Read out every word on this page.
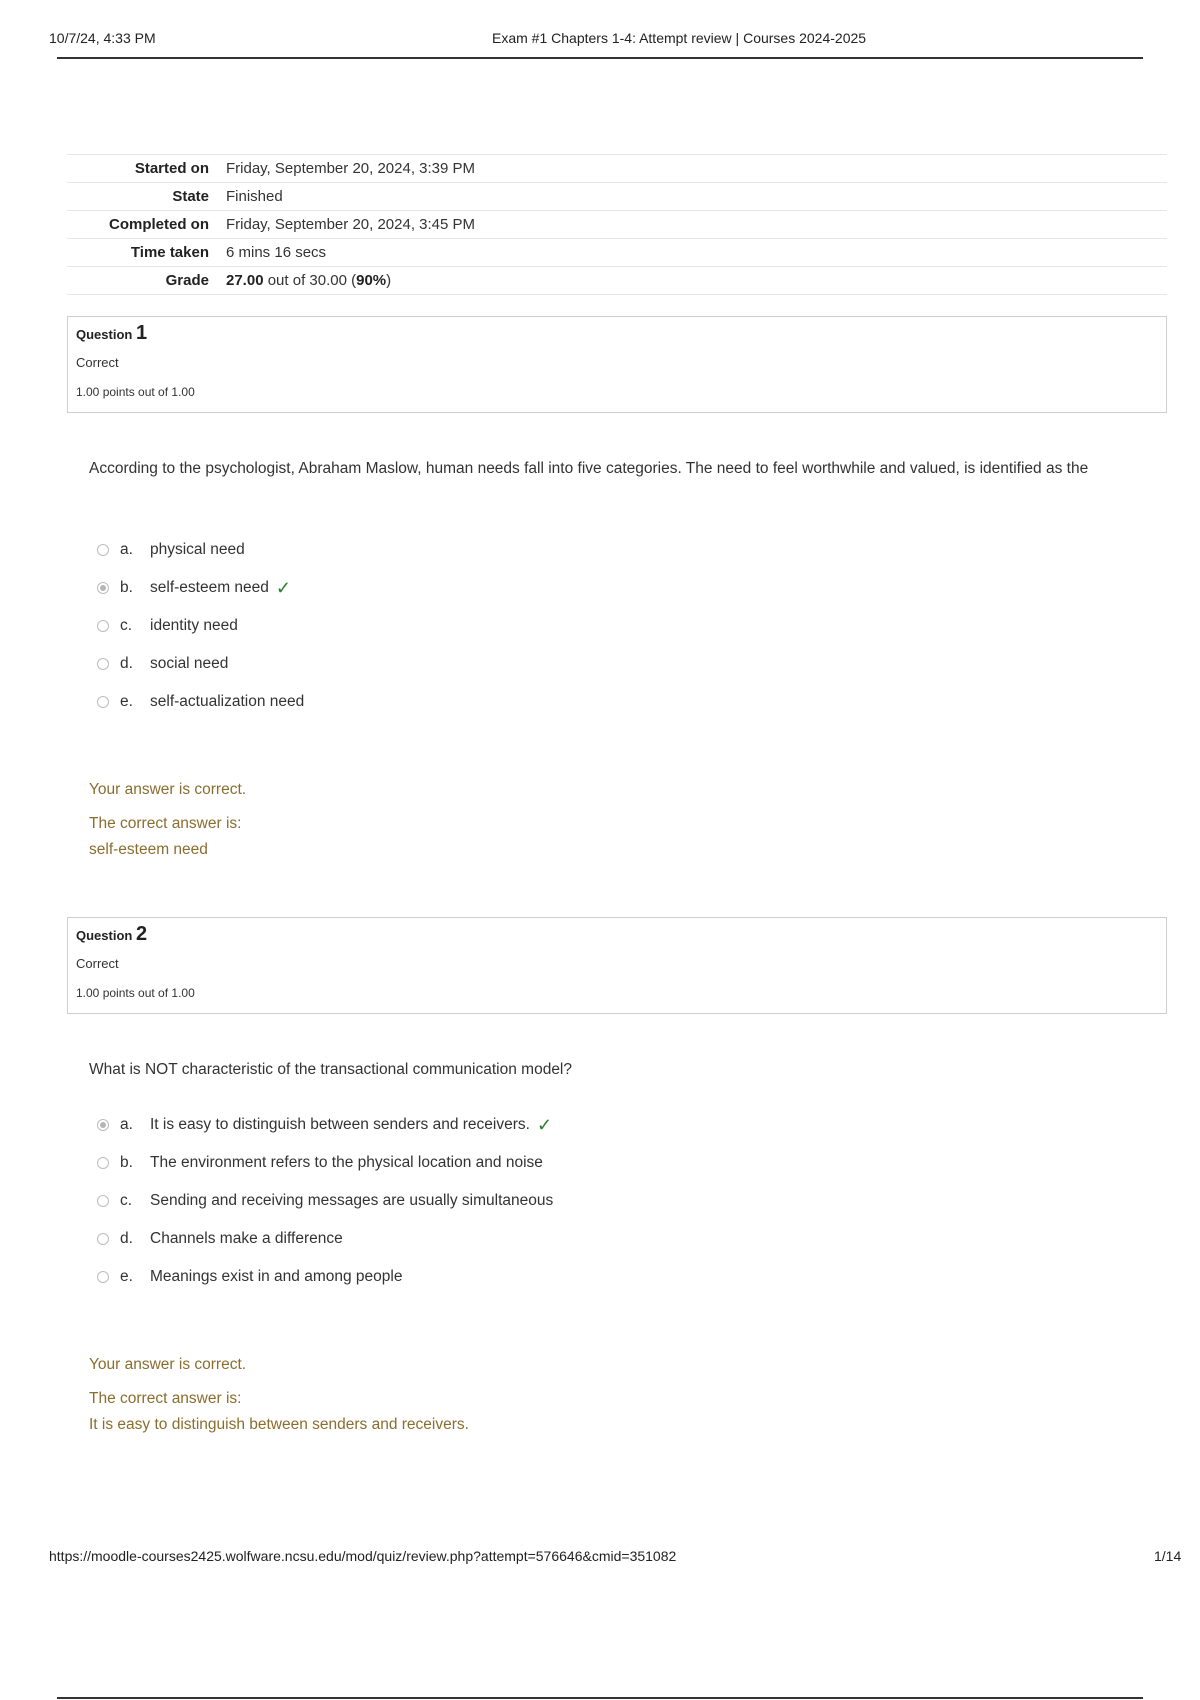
10/7/24, 4:33 PM	Exam #1 Chapters 1-4: Attempt review | Courses 2024-2025
Started on	Friday, September 20, 2024, 3:39 PM
State	Finished
Completed on	Friday, September 20, 2024, 3:45 PM
Time taken	6 mins 16 secs
Grade	27.00 out of 30.00 (90%)
Question 1
Correct
1.00 points out of 1.00
According to the psychologist, Abraham Maslow, human needs fall into five categories. The need to feel worthwhile and valued, is identified as the
a.	physical need
b.	self-esteem need ✓
c.	identity need
d.	social need
e.	self-actualization need
Your answer is correct.
The correct answer is:
self-esteem need
Question 2
Correct
1.00 points out of 1.00
What is NOT characteristic of the transactional communication model?
a.	It is easy to distinguish between senders and receivers. ✓
b.	The environment refers to the physical location and noise
c.	Sending and receiving messages are usually simultaneous
d.	Channels make a difference
e.	Meanings exist in and among people
Your answer is correct.
The correct answer is:
It is easy to distinguish between senders and receivers.
https://moodle-courses2425.wolfware.ncsu.edu/mod/quiz/review.php?attempt=576646&cmid=351082	1/14
